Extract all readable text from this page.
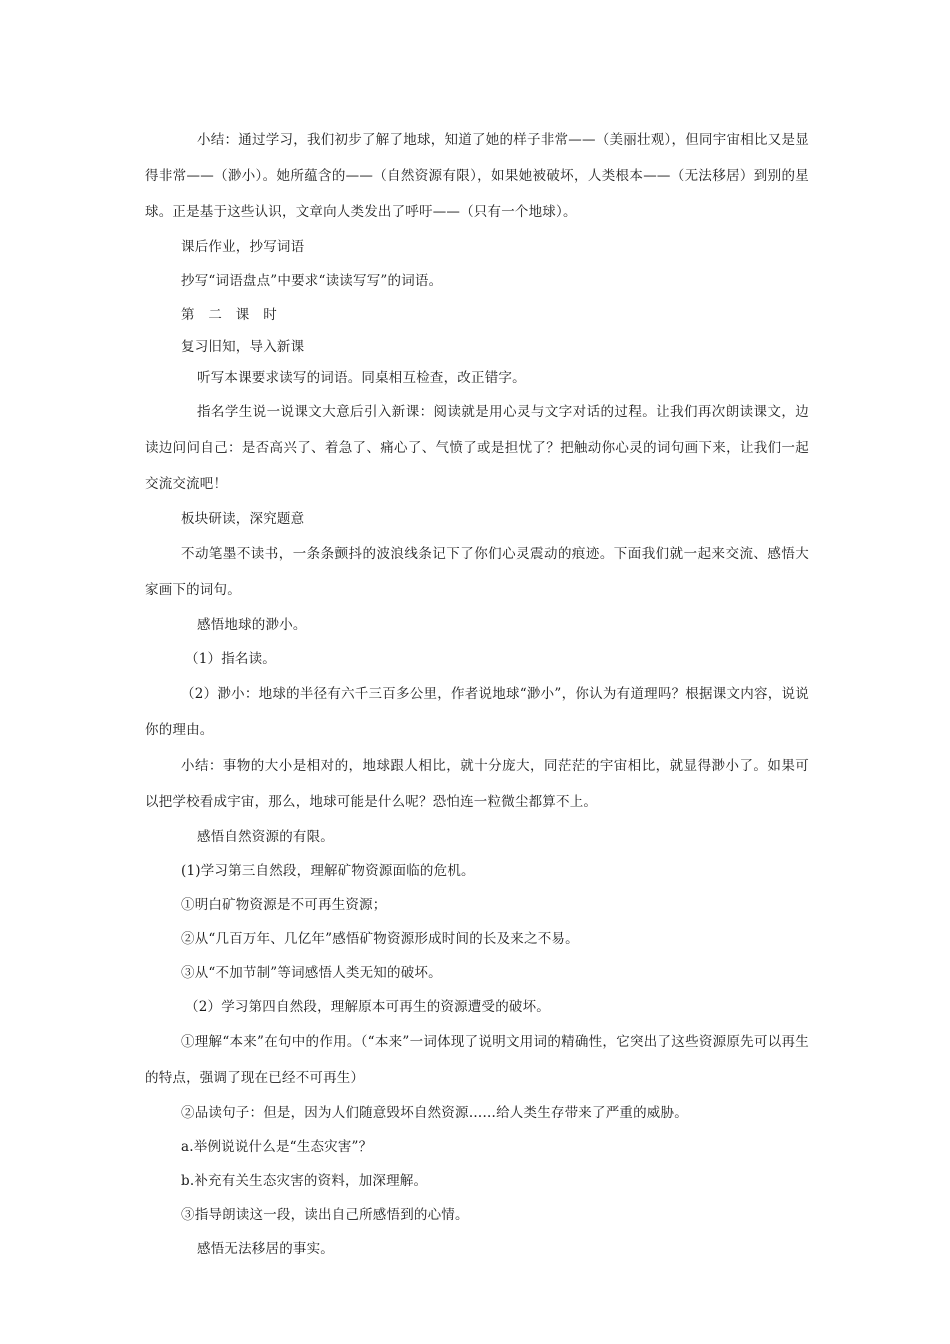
小结：通过学习，我们初步了解了地球，知道了她的样子非常——（美丽壮观），但同宇宙相比又是显得非常——（渺小）。她所蕴含的——（自然资源有限），如果她被破坏，人类根本——（无法移居）到别的星球。正是基于这些认识，文章向人类发出了呼吁——（只有一个地球）。

课后作业，抄写词语

抄写“词语盘点”中要求“读读写写”的词语。

第　二　课　时

复习旧知，导入新课

听写本课要求读写的词语。同桌相互检查，改正错字。

指名学生说一说课文大意后引入新课：阅读就是用心灵与文字对话的过程。让我们再次朗读课文，边读边问问自己：是否高兴了、着急了、痛心了、气愤了或是担忧了？把触动你心灵的词句画下来，让我们一起交流交流吧！

板块研读，深究题意

不动笔墨不读书，一条条颤抖的波浪线条记下了你们心灵震动的痕迹。下面我们就一起来交流、感悟大家画下的词句。

感悟地球的渺小。

（1）指名读。

（2）渺小：地球的半径有六千三百多公里，作者说地球“渺小”，你认为有道理吗？根据课文内容，说说你的理由。

小结：事物的大小是相对的，地球跟人相比，就十分庞大，同茫茫的宇宙相比，就显得渺小了。如果可以把学校看成宇宙，那么，地球可能是什么呢？恐怕连一粒微尘都算不上。

感悟自然资源的有限。

(1)学习第三自然段，理解矿物资源面临的危机。

①明白矿物资源是不可再生资源；

②从“几百万年、几亿年”感悟矿物资源形成时间的长及来之不易。

③从“不加节制”等词感悟人类无知的破坏。

（2）学习第四自然段，理解原本可再生的资源遭受的破坏。

①理解“本来”在句中的作用。（“本来”一词体现了说明文用词的精确性，它突出了这些资源原先可以再生的特点，强调了现在已经不可再生）

②品读句子：但是，因为人们随意毁坏自然资源……给人类生存带来了严重的威胁。

a.举例说说什么是“生态灾害”？

b.补充有关生态灾害的资料，加深理解。

③指导朗读这一段，读出自己所感悟到的心情。

感悟无法移居的事实。
